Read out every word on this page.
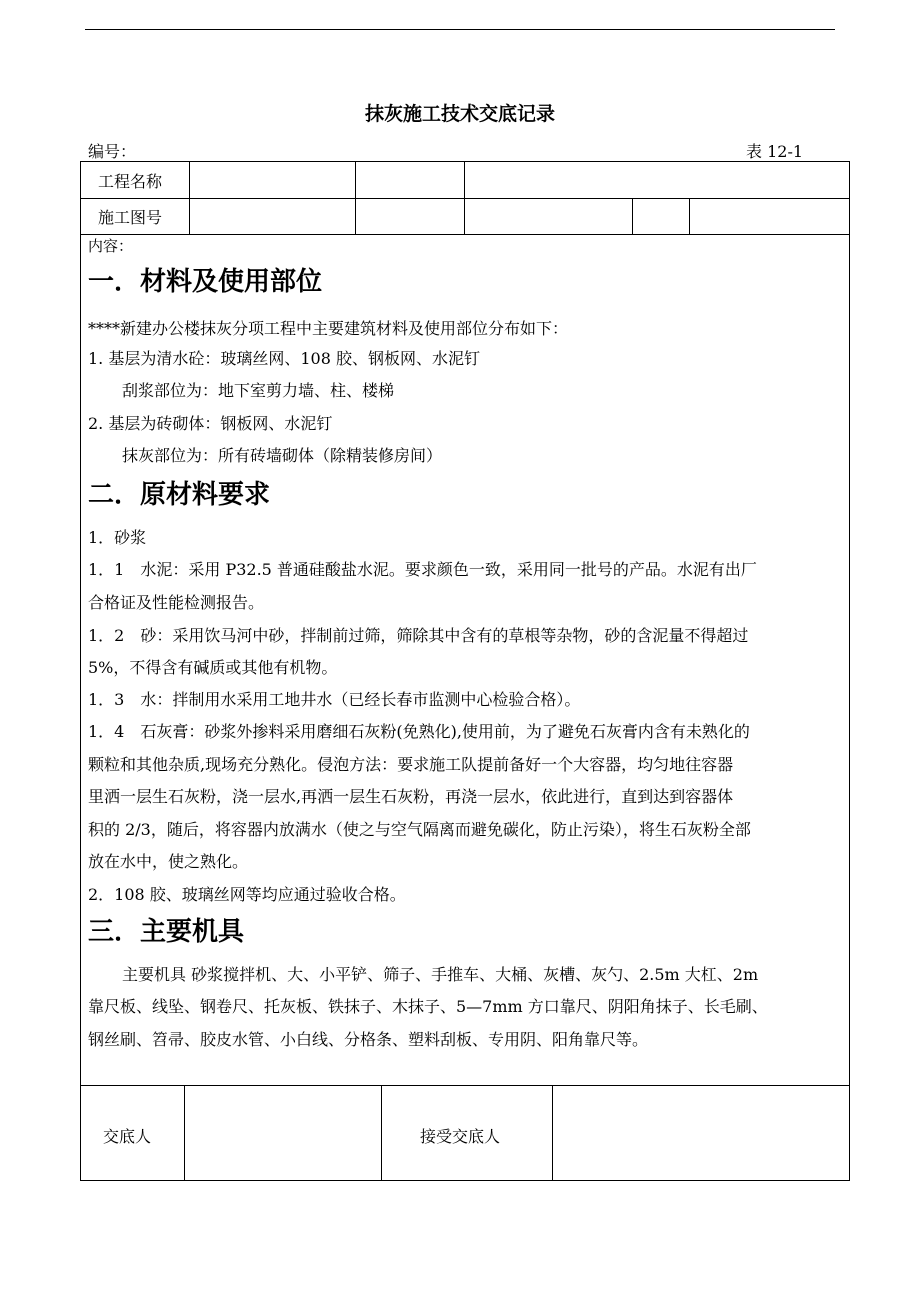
抹灰施工技术交底记录
编号：	表 12-1
工程名称
施工图号
交底人	接受交底人
内容：
一．材料及使用部位
****新建办公楼抹灰分项工程中主要建筑材料及使用部位分布如下：
1. 基层为清水砼：玻璃丝网、108 胶、钢板网、水泥钉
刮浆部位为：地下室剪力墙、柱、楼梯
2. 基层为砖砌体：钢板网、水泥钉
抹灰部位为：所有砖墙砌体（除精装修房间）
二．原材料要求
1．砂浆
1．1　水泥：采用 P32.5 普通硅酸盐水泥。要求颜色一致，采用同一批号的产品。水泥有出厂
合格证及性能检测报告。
1．2　砂：采用饮马河中砂，拌制前过筛，筛除其中含有的草根等杂物，砂的含泥量不得超过
5%，不得含有碱质或其他有机物。
1．3　水：拌制用水采用工地井水（已经长春市监测中心检验合格）。
1．4　石灰膏：砂浆外掺料采用磨细石灰粉(免熟化),使用前，为了避免石灰膏内含有未熟化的
颗粒和其他杂质,现场充分熟化。侵泡方法：要求施工队提前备好一个大容器，均匀地往容器
里洒一层生石灰粉，浇一层水,再洒一层生石灰粉，再浇一层水，依此进行，直到达到容器体
积的 2/3，随后，将容器内放满水（使之与空气隔离而避免碳化，防止污染），将生石灰粉全部
放在水中，使之熟化。
2．108 胶、玻璃丝网等均应通过验收合格。
三．主要机具
主要机具 砂浆搅拌机、大、小平铲、筛子、手推车、大桶、灰槽、灰勺、2.5m 大杠、2m
靠尺板、线坠、钢卷尺、托灰板、铁抹子、木抹子、5—7mm 方口靠尺、阴阳角抹子、长毛刷、
钢丝刷、笤帚、胶皮水管、小白线、分格条、塑料刮板、专用阴、阳角靠尺等。
